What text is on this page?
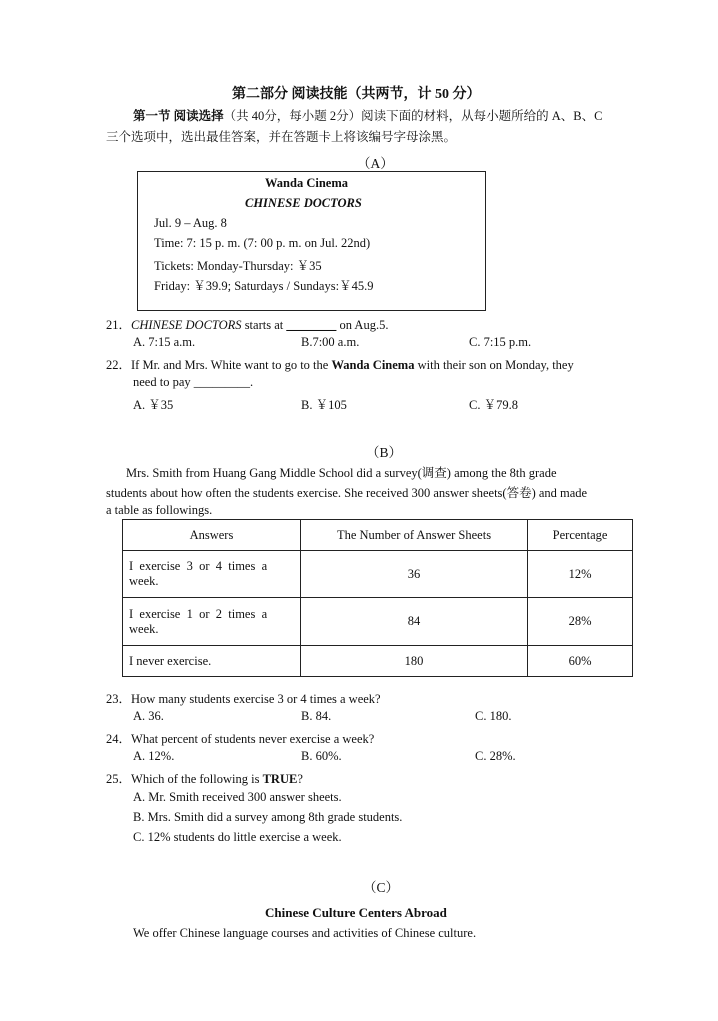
第二部分 阅读技能（共两节，计 50 分）
第一节 阅读选择（共 40分，每小题 2分）阅读下面的材料，从每小题所给的 A、B、C
三个选项中，选出最佳答案，并在答题卡上将该编号字母涂黑。
（A）
Wanda Cinema
CHINESE DOCTORS
Jul. 9 – Aug. 8
Time: 7: 15 p. m. (7: 00 p. m. on Jul. 22nd)
Tickets: Monday-Thursday: ￥35
Friday: ￥39.9; Saturdays / Sundays:￥45.9
21．CHINESE DOCTORS starts at ________ on Aug.5.
A. 7:15 a.m.	B.7:00 a.m.	C. 7:15 p.m.
22．If Mr. and Mrs. White want to go to the Wanda Cinema with their son on Monday, they
need to pay _________.
A. ￥35	B. ￥105	C. ￥79.8
（B）
Mrs. Smith from Huang Gang Middle School did a survey(调查) among the 8th grade
students about how often the students exercise. She received 300 answer sheets(答卷) and made
a table as followings.
Answers	The Number of Answer Sheets	Percentage

I  exercise  3  or  4  times  a
week.	36	12%

I  exercise  1  or  2  times  a
week.	84	28%
I never exercise.	180	60%
23．How many students exercise 3 or 4 times a week?
A. 36.	B. 84.	C. 180.
24．What percent of students never exercise a week?
A. 12%.	B. 60%.	C. 28%.
25．Which of the following is TRUE?
A. Mr. Smith received 300 answer sheets.
B. Mrs. Smith did a survey among 8th grade students.
C. 12% students do little exercise a week.
（C）
Chinese Culture Centers Abroad
We offer Chinese language courses and activities of Chinese culture.
